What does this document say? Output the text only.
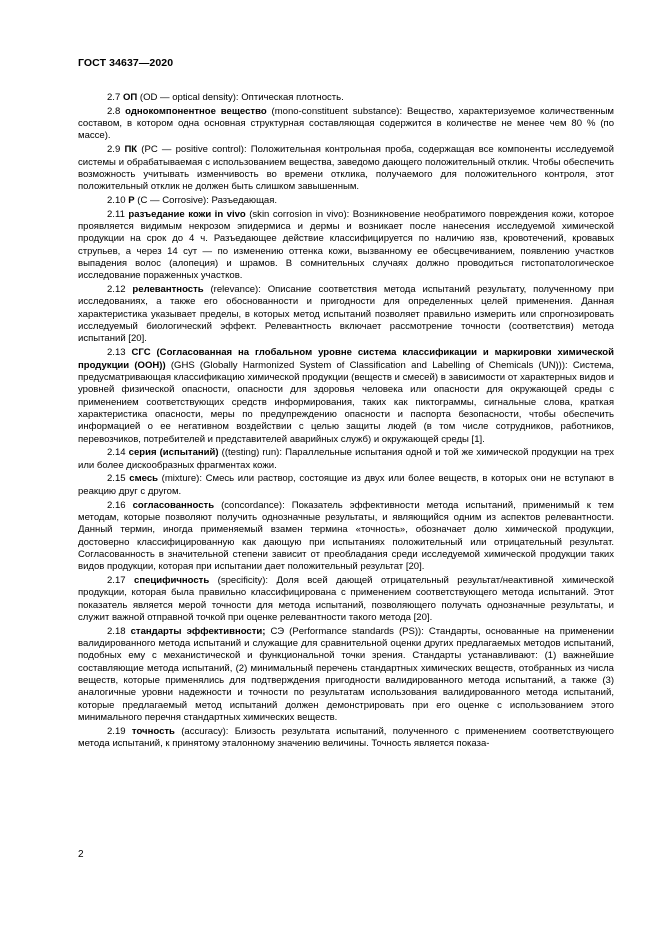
ГОСТ 34637—2020

2.7 ОП (OD — optical density): Оптическая плотность.

2.8 однокомпонентное вещество (mono-constituent substance): Вещество, характеризуемое количественным составом, в котором одна основная структурная составляющая содержится в количестве не менее чем 80 % (по массе).

2.9 ПК (PC — positive control): Положительная контрольная проба, содержащая все компоненты исследуемой системы и обрабатываемая с использованием вещества, заведомо дающего положительный отклик. Чтобы обеспечить возможность учитывать изменчивость во времени отклика, получаемого для положительного контроля, этот положительный отклик не должен быть слишком завышенным.

2.10 Р (С — Corrosive): Разъедающая.

2.11 разъедание кожи in vivo (skin corrosion in vivo): Возникновение необратимого повреждения кожи, которое проявляется видимым некрозом эпидермиса и дермы и возникает после нанесения исследуемой химической продукции на срок до 4 ч. Разъедающее действие классифицируется по наличию язв, кровотечений, кровавых струпьев, а через 14 сут — по изменению оттенка кожи, вызванному ее обесцвечиванием, появлению участков выпадения волос (алопеция) и шрамов. В сомнительных случаях должно проводиться гистопатологическое исследование пораженных участков.

2.12 релевантность (relevance): Описание соответствия метода испытаний результату, полученному при исследованиях, а также его обоснованности и пригодности для определенных целей применения. Данная характеристика указывает пределы, в которых метод испытаний позволяет правильно измерить или спрогнозировать исследуемый биологический эффект. Релевантность включает рассмотрение точности (соответствия) метода испытаний [20].

2.13 СГС (Согласованная на глобальном уровне система классификации и маркировки химической продукции (ООН)) (GHS (Globally Harmonized System of Classification and Labelling of Chemicals (UN))): Система, предусматривающая классификацию химической продукции (веществ и смесей) в зависимости от характерных видов и уровней физической опасности, опасности для здоровья человека или опасности для окружающей среды с применением соответствующих средств информирования, таких как пиктограммы, сигнальные слова, краткая характеристика опасности, меры по предупреждению опасности и паспорта безопасности, чтобы обеспечить информацией о ее негативном воздействии с целью защиты людей (в том числе сотрудников, работников, перевозчиков, потребителей и представителей аварийных служб) и окружающей среды [1].

2.14 серия (испытаний) ((testing) run): Параллельные испытания одной и той же химической продукции на трех или более дискообразных фрагментах кожи.

2.15 смесь (mixture): Смесь или раствор, состоящие из двух или более веществ, в которых они не вступают в реакцию друг с другом.

2.16 согласованность (concordance): Показатель эффективности метода испытаний, применимый к тем методам, которые позволяют получить однозначные результаты, и являющийся одним из аспектов релевантности. Данный термин, иногда применяемый взамен термина «точность», обозначает долю химической продукции, достоверно классифицированную как дающую при испытаниях положительный или отрицательный результат. Согласованность в значительной степени зависит от преобладания среди исследуемой химической продукции таких видов продукции, которая при испытании дает положительный результат [20].

2.17 специфичность (specificity): Доля всей дающей отрицательный результат/неактивной химической продукции, которая была правильно классифицирована с применением соответствующего метода испытаний. Этот показатель является мерой точности для метода испытаний, позволяющего получать однозначные результаты, и служит важной отправной точкой при оценке релевантности такого метода [20].

2.18 стандарты эффективности; СЭ (Performance standards (PS)): Стандарты, основанные на применении валидированного метода испытаний и служащие для сравнительной оценки других предлагаемых методов испытаний, подобных ему с механистической и функциональной точки зрения. Стандарты устанавливают: (1) важнейшие составляющие метода испытаний, (2) минимальный перечень стандартных химических веществ, отобранных из числа веществ, которые применялись для подтверждения пригодности валидированного метода испытаний, а также (3) аналогичные уровни надежности и точности по результатам использования валидированного метода испытаний, которые предлагаемый метод испытаний должен демонстрировать при его оценке с использованием этого минимального перечня стандартных химических веществ.

2.19 точность (accuracy): Близость результата испытаний, полученного с применением соответствующего метода испытаний, к принятому эталонному значению величины. Точность является показа-

2
